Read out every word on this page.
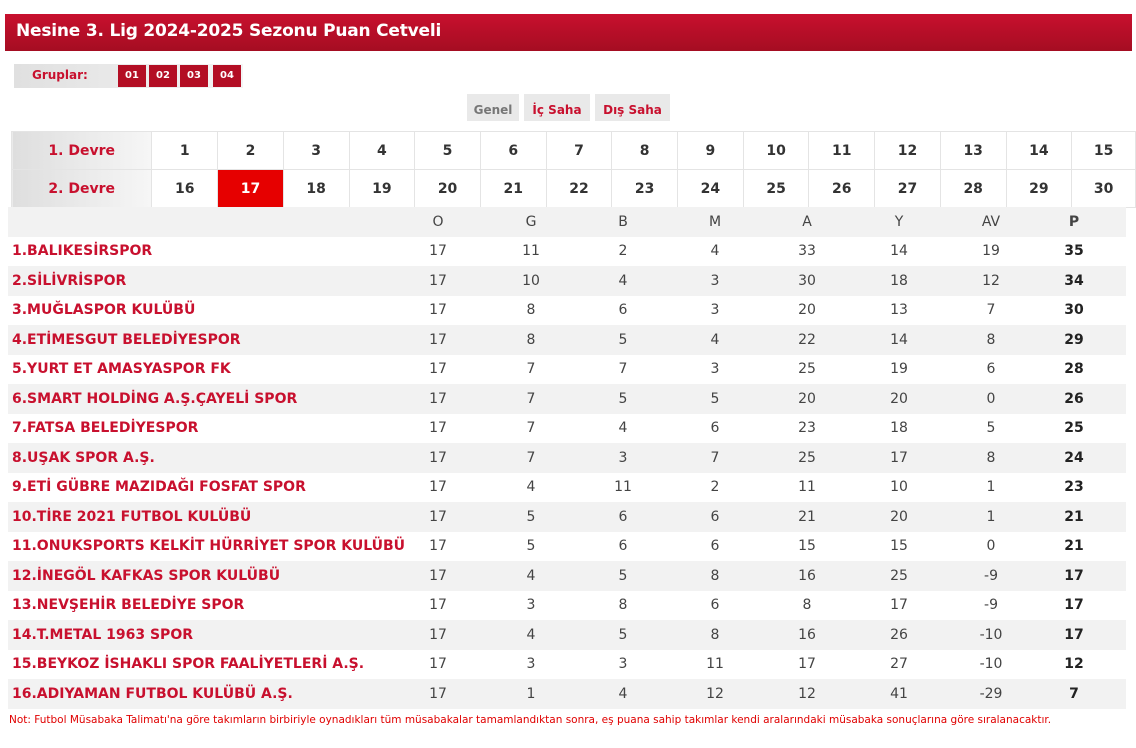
Nesine 3. Lig 2024-2025 Sezonu Puan Cetveli
Gruplar:	01	02	03	04
Genel	İç Saha	Dış Saha
1. Devre	1	2	3	4	5	6	7	8	9	10	11	12	13	14	15
2. Devre	16	17	18	19	20	21	22	23	24	25	26	27	28	29	30
	O	G	B	M	A	Y	AV	P
1.BALIKESİRSPOR	17	11	2	4	33	14	19	35
2.SİLİVRİSPOR	17	10	4	3	30	18	12	34
3.MUĞLASPOR KULÜBÜ	17	8	6	3	20	13	7	30
4.ETİMESGUT BELEDİYESPOR	17	8	5	4	22	14	8	29
5.YURT ET AMASYASPOR FK	17	7	7	3	25	19	6	28
6.SMART HOLDİNG A.Ş.ÇAYELİ SPOR	17	7	5	5	20	20	0	26
7.FATSA BELEDİYESPOR	17	7	4	6	23	18	5	25
8.UŞAK SPOR A.Ş.	17	7	3	7	25	17	8	24
9.ETİ GÜBRE MAZIDAĞI FOSFAT SPOR	17	4	11	2	11	10	1	23
10.TİRE 2021 FUTBOL KULÜBÜ	17	5	6	6	21	20	1	21
11.ONUKSPORTS KELKİT HÜRRİYET SPOR KULÜBÜ	17	5	6	6	15	15	0	21
12.İNEGÖL KAFKAS SPOR KULÜBÜ	17	4	5	8	16	25	-9	17
13.NEVŞEHİR BELEDİYE SPOR	17	3	8	6	8	17	-9	17
14.T.METAL 1963 SPOR	17	4	5	8	16	26	-10	17
15.BEYKOZ İSHAKLI SPOR FAALİYETLERİ A.Ş.	17	3	3	11	17	27	-10	12
16.ADIYAMAN FUTBOL KULÜBÜ A.Ş.	17	1	4	12	12	41	-29	7
Not: Futbol Müsabaka Talimatı'na göre takımların birbiriyle oynadıkları tüm müsabakalar tamamlandıktan sonra, eş puana sahip takımlar kendi aralarındaki müsabaka sonuçlarına göre sıralanacaktır.
